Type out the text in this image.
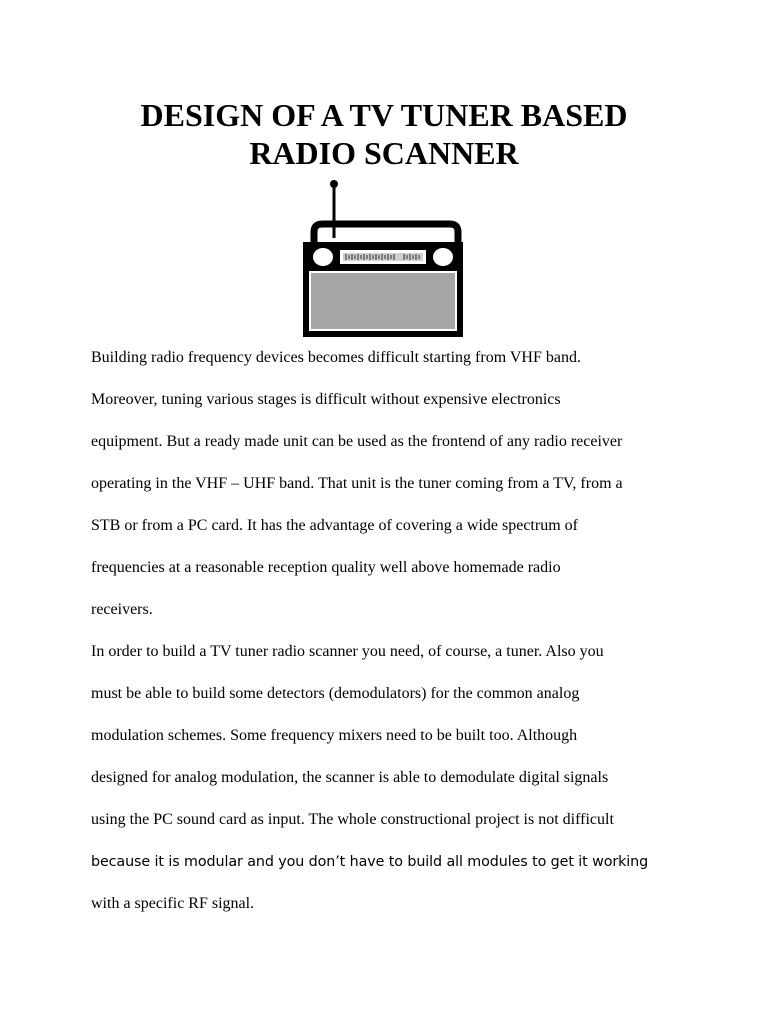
DESIGN OF A TV TUNER BASED
RADIO SCANNER
Building radio frequency devices becomes difficult starting from VHF band.
Moreover, tuning various stages is difficult without expensive electronics
equipment. But a ready made unit can be used as the frontend of any radio receiver
operating in the VHF – UHF band. That unit is the tuner coming from a TV, from a
STB or from a PC card. It has the advantage of covering a wide spectrum of
frequencies at a reasonable reception quality well above homemade radio
receivers.
In order to build a TV tuner radio scanner you need, of course, a tuner. Also you
must be able to build some detectors (demodulators) for the common analog
modulation schemes. Some frequency mixers need to be built too. Although
designed for analog modulation, the scanner is able to demodulate digital signals
using the PC sound card as input. The whole constructional project is not difficult
because it is modular and you don’t have to build all modules to get it working
with a specific RF signal.
